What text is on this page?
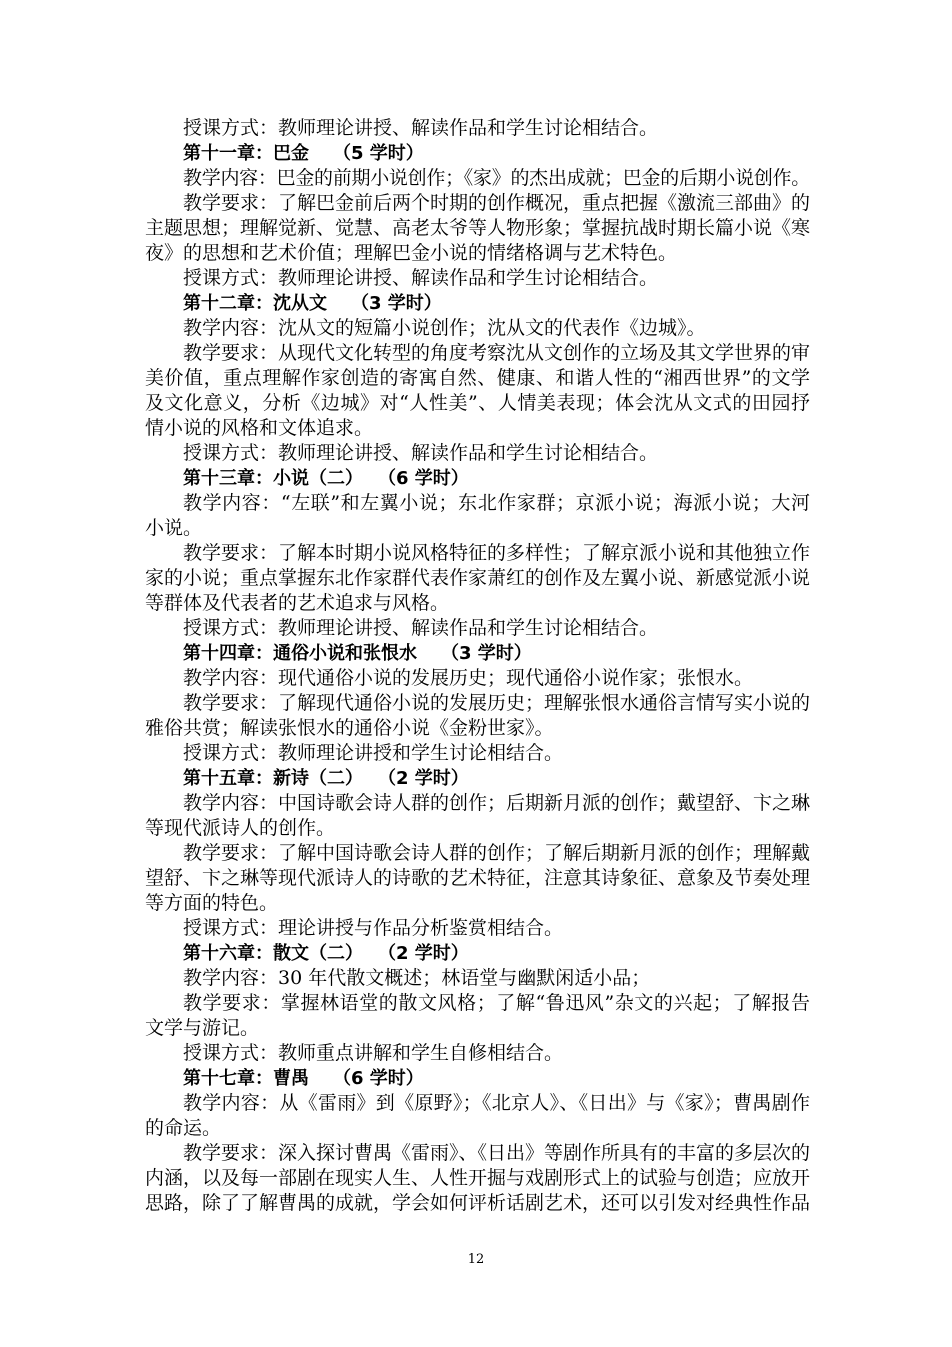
授课方式：教师理论讲授、解读作品和学生讨论相结合。
第十一章：巴金 （5 学时）
教学内容：巴金的前期小说创作；《家》的杰出成就；巴金的后期小说创作。
教学要求：了解巴金前后两个时期的创作概况，重点把握《激流三部曲》的
主题思想；理解觉新、觉慧、高老太爷等人物形象；掌握抗战时期长篇小说《寒
夜》的思想和艺术价值；理解巴金小说的情绪格调与艺术特色。
授课方式：教师理论讲授、解读作品和学生讨论相结合。
第十二章：沈从文 （3 学时）
教学内容：沈从文的短篇小说创作；沈从文的代表作《边城》。
教学要求：从现代文化转型的角度考察沈从文创作的立场及其文学世界的审
美价值，重点理解作家创造的寄寓自然、健康、和谐人性的“湘西世界”的文学
及文化意义，分析《边城》对“人性美”、人情美表现；体会沈从文式的田园抒
情小说的风格和文体追求。
授课方式：教师理论讲授、解读作品和学生讨论相结合。
第十三章：小说（二） （6 学时）
教学内容：“左联”和左翼小说；东北作家群；京派小说；海派小说；大河
小说。
教学要求：了解本时期小说风格特征的多样性；了解京派小说和其他独立作
家的小说；重点掌握东北作家群代表作家萧红的创作及左翼小说、新感觉派小说
等群体及代表者的艺术追求与风格。
授课方式：教师理论讲授、解读作品和学生讨论相结合。
第十四章：通俗小说和张恨水 （3 学时）
教学内容：现代通俗小说的发展历史；现代通俗小说作家；张恨水。
教学要求：了解现代通俗小说的发展历史；理解张恨水通俗言情写实小说的
雅俗共赏；解读张恨水的通俗小说《金粉世家》。
授课方式：教师理论讲授和学生讨论相结合。
第十五章：新诗（二） （2 学时）
教学内容：中国诗歌会诗人群的创作；后期新月派的创作；戴望舒、卞之琳
等现代派诗人的创作。
教学要求：了解中国诗歌会诗人群的创作；了解后期新月派的创作；理解戴
望舒、卞之琳等现代派诗人的诗歌的艺术特征，注意其诗象征、意象及节奏处理
等方面的特色。
授课方式：理论讲授与作品分析鉴赏相结合。
第十六章：散文（二） （2 学时）
教学内容：30 年代散文概述；林语堂与幽默闲适小品；
教学要求：掌握林语堂的散文风格；了解“鲁迅风”杂文的兴起；了解报告
文学与游记。
授课方式：教师重点讲解和学生自修相结合。
第十七章：曹禺 （6 学时）
教学内容：从《雷雨》到《原野》；《北京人》、《日出》与《家》；曹禺剧作
的命运。
教学要求：深入探讨曹禺《雷雨》、《日出》等剧作所具有的丰富的多层次的
内涵，以及每一部剧在现实人生、人性开掘与戏剧形式上的试验与创造；应放开
思路，除了了解曹禺的成就，学会如何评析话剧艺术，还可以引发对经典性作品
12
